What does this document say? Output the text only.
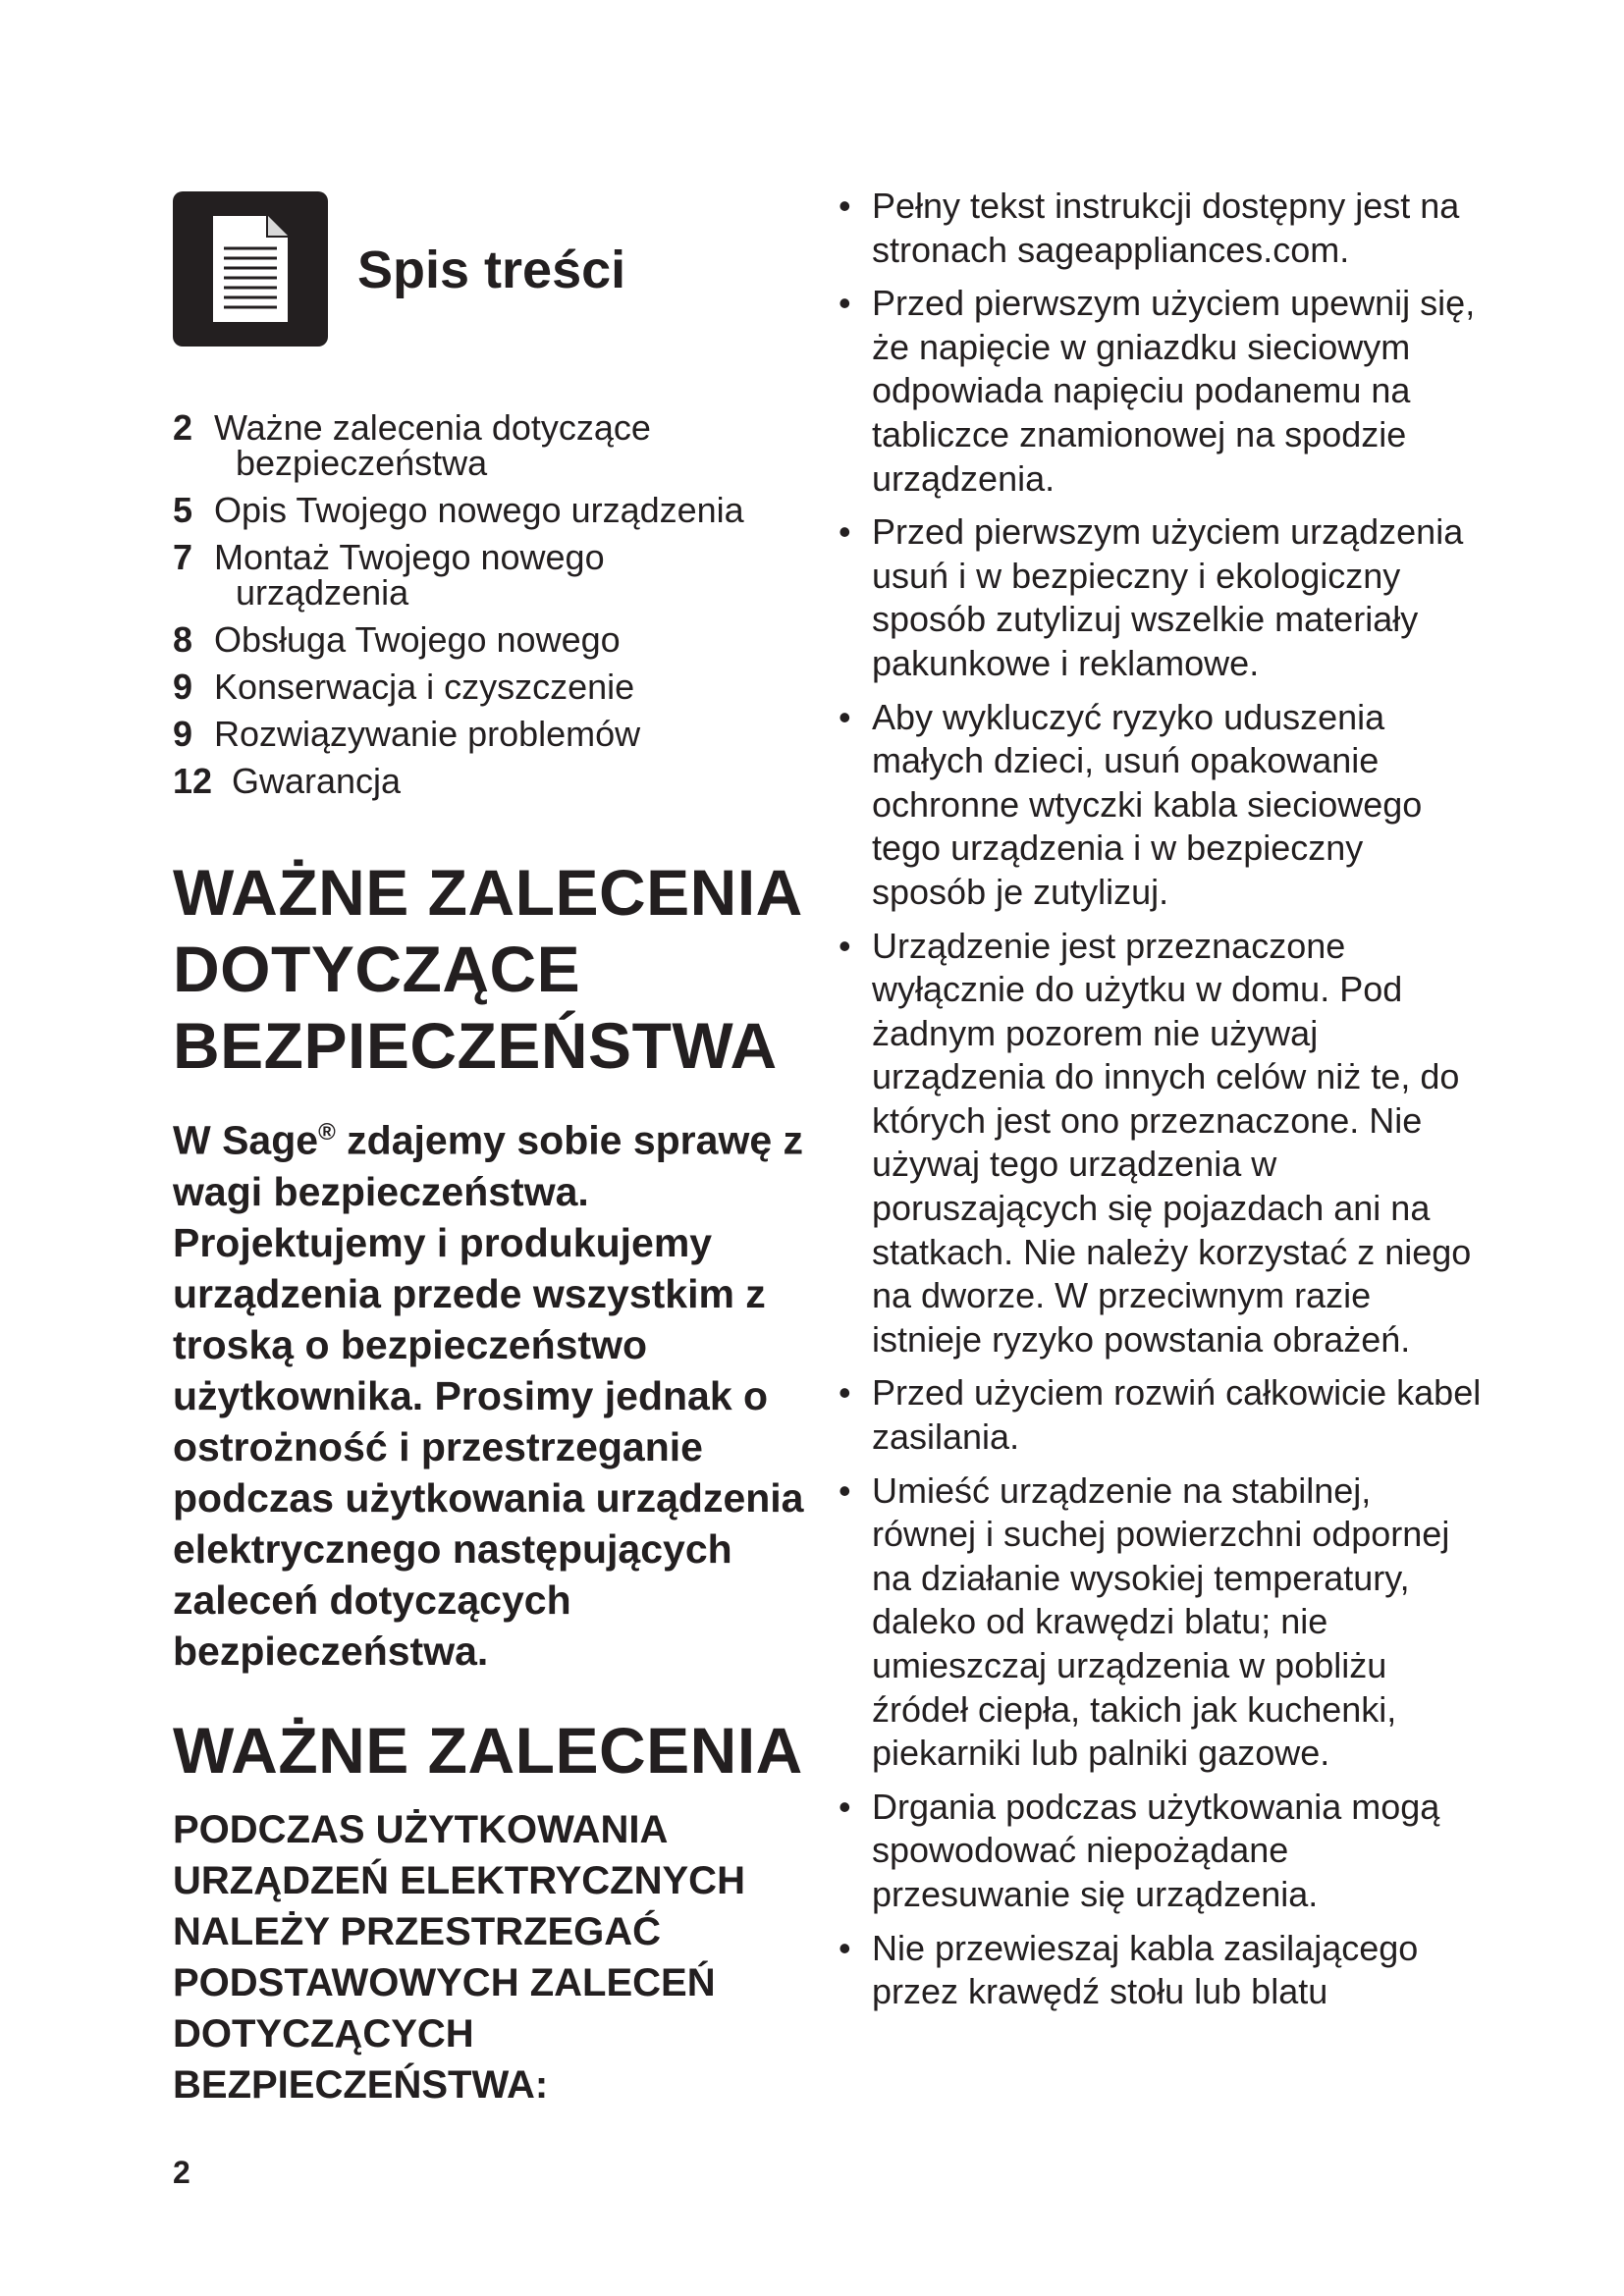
Spis treści
2 Ważne zalecenia dotyczące
bezpieczeństwa
5 Opis Twojego nowego urządzenia
7 Montaż Twojego nowego
urządzenia
8 Obsługa Twojego nowego
9 Konserwacja i czyszczenie
9 Rozwiązywanie problemów
12 Gwarancja
WAŻNE ZALECENIA DOTYCZĄCE BEZPIECZEŃSTWA

W Sage® zdajemy sobie sprawę z wagi bezpieczeństwa. Projektujemy i produkujemy urządzenia przede wszystkim z troską o bezpieczeństwo użytkownika. Prosimy jednak o ostrożność i przestrzeganie podczas użytkowania urządzenia elektrycznego następujących zaleceń dotyczących bezpieczeństwa.

WAŻNE ZALECENIA

PODCZAS UŻYTKOWANIA URZĄDZEŃ ELEKTRYCZNYCH NALEŻY PRZESTRZEGAĆ PODSTAWOWYCH ZALECEŃ DOTYCZĄCYCH BEZPIECZEŃSTWA:

2
• Pełny tekst instrukcji dostępny jest na stronach sageappliances.com.
• Przed pierwszym użyciem upewnij się, że napięcie w gniazdku sieciowym odpowiada napięciu podanemu na tabliczce znamionowej na spodzie urządzenia.
• Przed pierwszym użyciem urządzenia usuń i w bezpieczny i ekologiczny sposób zutylizuj wszelkie materiały pakunkowe i reklamowe.
• Aby wykluczyć ryzyko uduszenia małych dzieci, usuń opakowanie ochronne wtyczki kabla sieciowego tego urządzenia i w bezpieczny sposób je zutylizuj.
• Urządzenie jest przeznaczone wyłącznie do użytku w domu. Pod żadnym pozorem nie używaj urządzenia do innych celów niż te, do których jest ono przeznaczone. Nie używaj tego urządzenia w poruszających się pojazdach ani na statkach. Nie należy korzystać z niego na dworze. W przeciwnym razie istnieje ryzyko powstania obrażeń.
• Przed użyciem rozwiń całkowicie kabel zasilania.
• Umieść urządzenie na stabilnej, równej i suchej powierzchni odpornej na działanie wysokiej temperatury, daleko od krawędzi blatu; nie umieszczaj urządzenia w pobliżu źródeł ciepła, takich jak kuchenki, piekarniki lub palniki gazowe.
• Drgania podczas użytkowania mogą spowodować niepożądane przesuwanie się urządzenia.
• Nie przewieszaj kabla zasilającego przez krawędź stołu lub blatu
